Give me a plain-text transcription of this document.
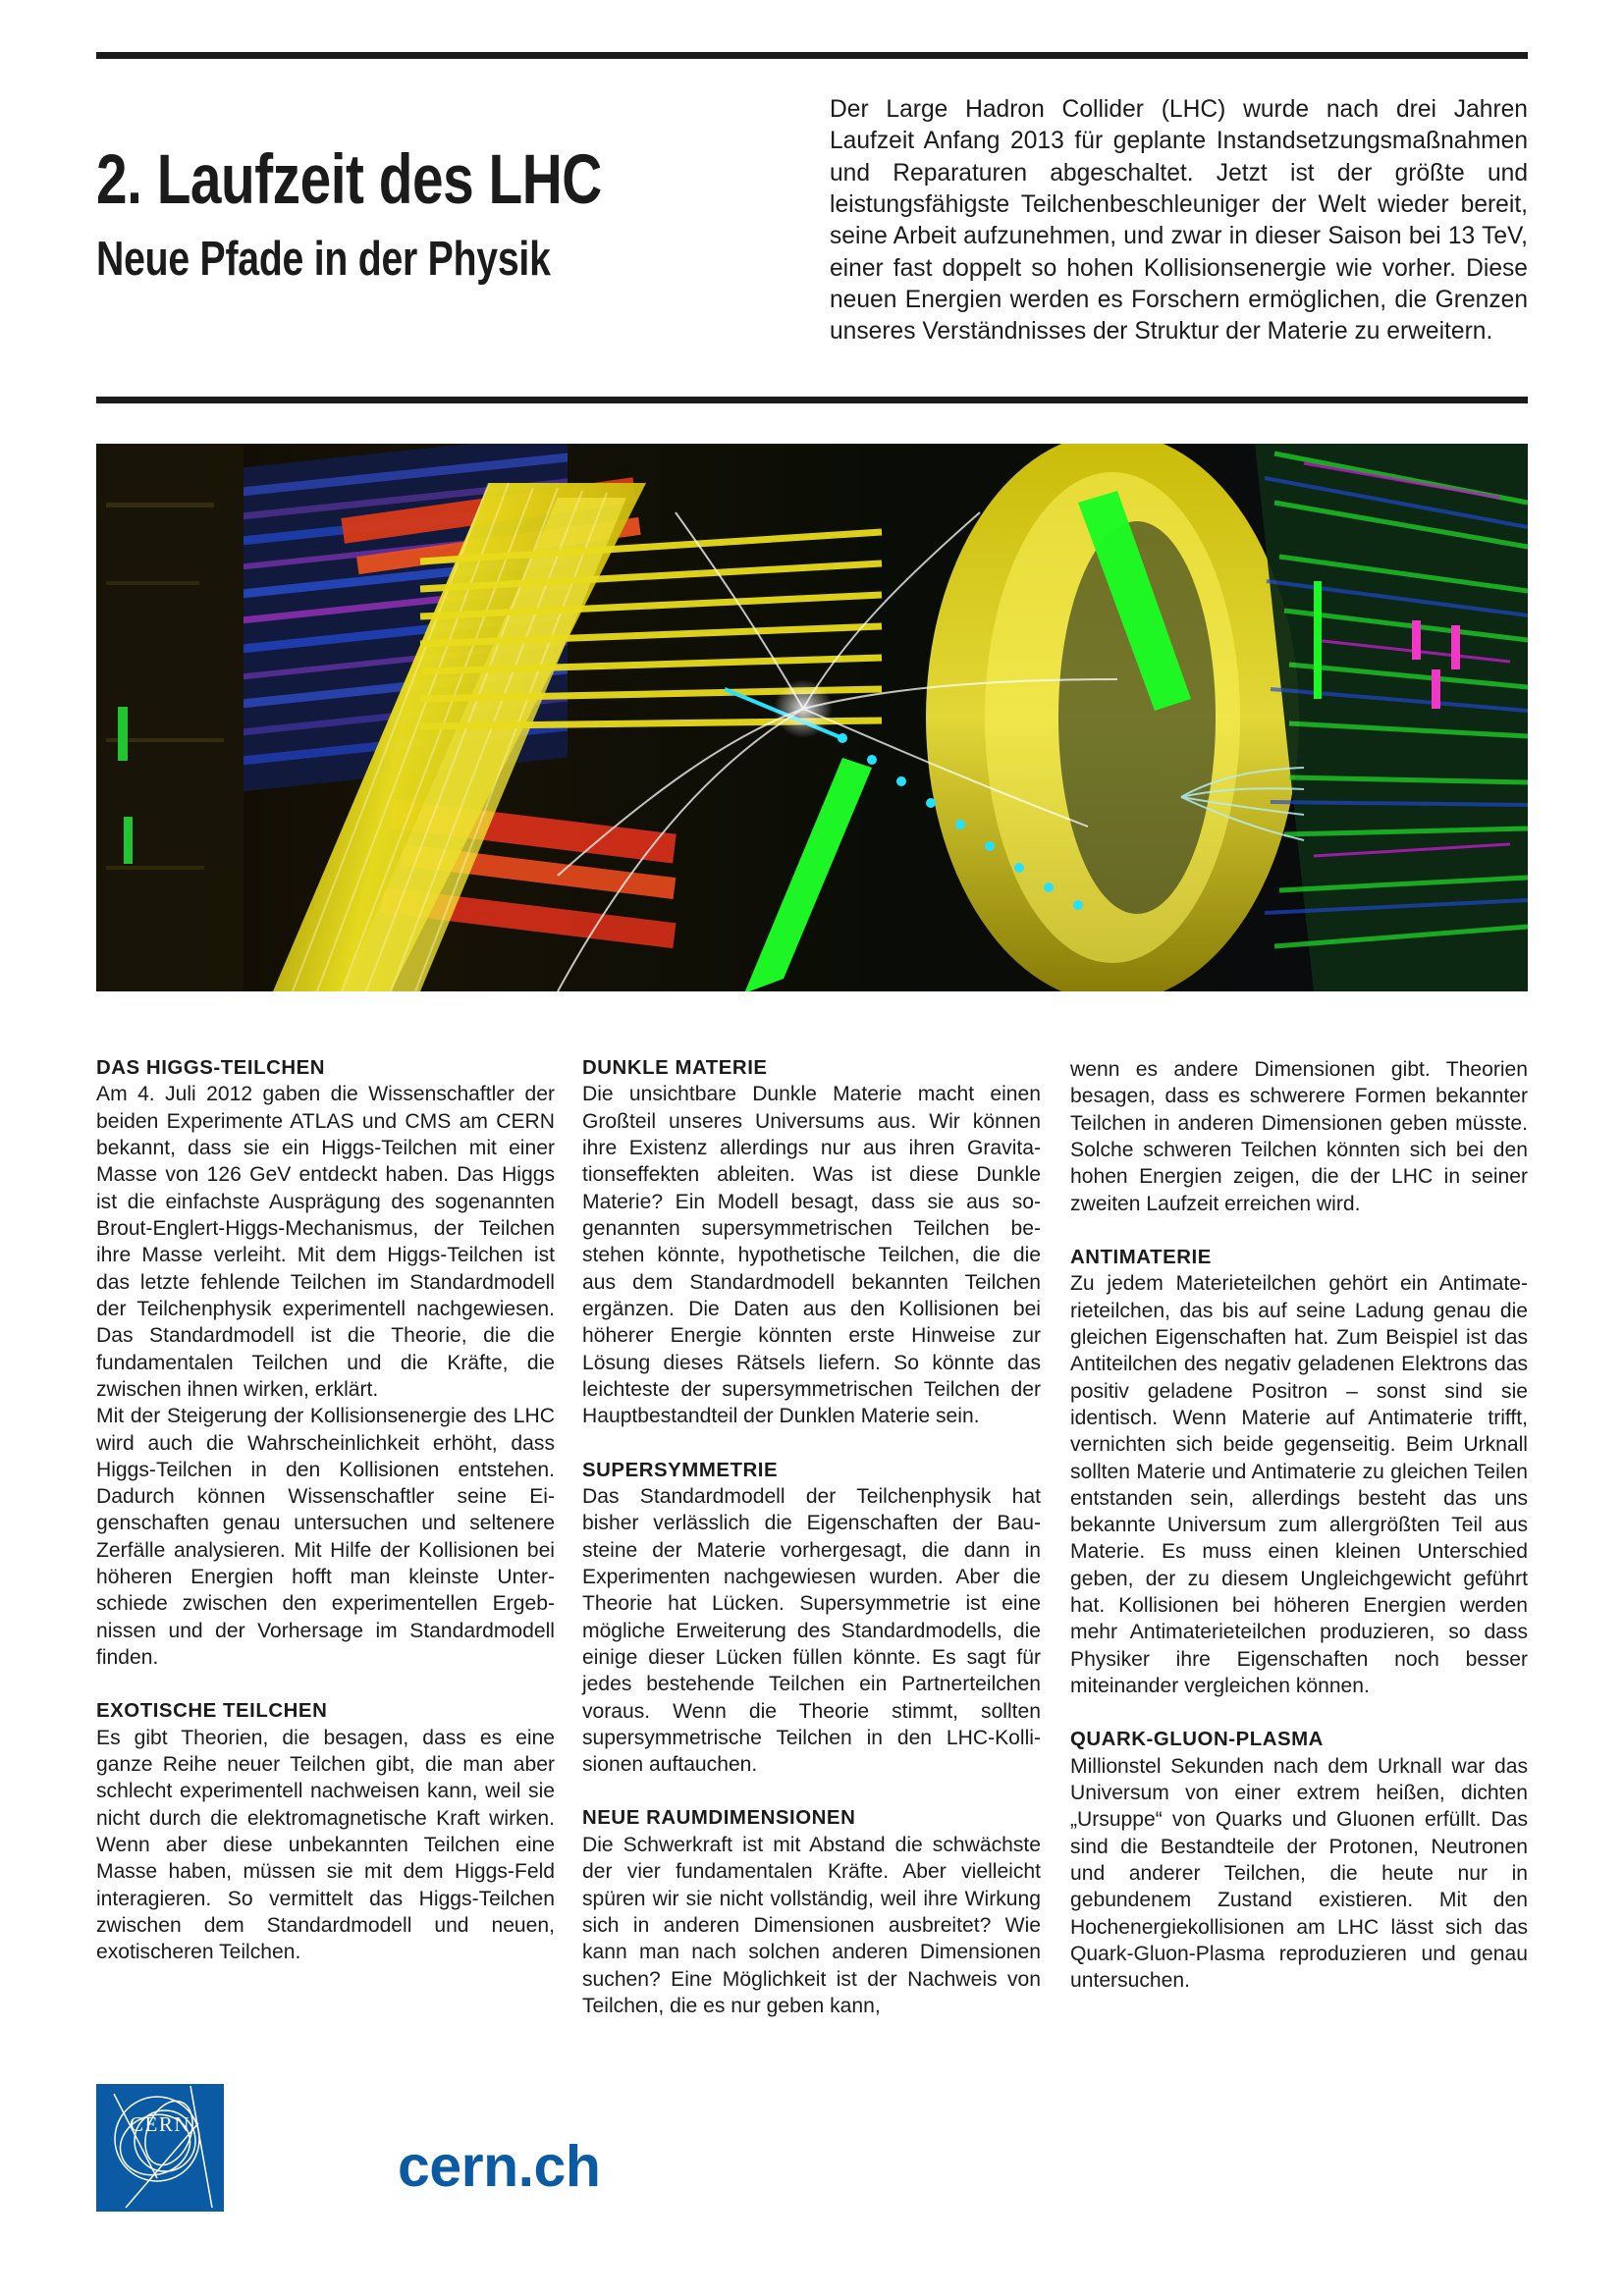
2. Laufzeit des LHC
Neue Pfade in der Physik
Der Large Hadron Collider (LHC) wurde nach drei Jahren Laufzeit Anfang 2013 für geplante Instandsetzungsmaßnahmen und Reparaturen abgeschaltet. Jetzt ist der größte und leistungsfähigste Teilchenbeschleuniger der Welt wieder bereit, seine Arbeit aufzunehmen, und zwar in dieser Saison bei 13 TeV, einer fast doppelt so hohen Kollisionsenergie wie vorher. Diese neuen Energien werden es Forschern ermöglichen, die Grenzen unseres Verständnisses der Struktur der Materie zu erweitern.
DAS HIGGS-TEILCHEN

Am 4. Juli 2012 gaben die Wissenschaftler der beiden Experimente ATLAS und CMS am CERN bekannt, dass sie ein Higgs-Teilchen mit einer Masse von 126 GeV entdeckt haben. Das Higgs ist die einfachste Ausprägung des sogenannten Brout-Englert-Higgs-Mechanismus, der Teilchen ihre Masse verleiht. Mit dem Higgs-Teilchen ist das letzte fehlende Teilchen im Standardmodell der Teilchenphysik experimentell nachgewiesen. Das Standardmodell ist die Theorie, die die fundamentalen Teilchen und die Kräfte, die zwischen ihnen wirken, erklärt.

Mit der Steigerung der Kollisionsenergie des LHC wird auch die Wahrscheinlichkeit erhöht, dass Higgs-Teilchen in den Kollisionen entstehen. Dadurch können Wissenschaftler seine Eigenschaften genau untersuchen und seltenere Zerfälle analysieren. Mit Hilfe der Kollisionen bei höheren Energien hofft man kleinste Unterschiede zwischen den experimentellen Ergebnissen und der Vorhersage im Standardmodell finden.

EXOTISCHE TEILCHEN

Es gibt Theorien, die besagen, dass es eine ganze Reihe neuer Teilchen gibt, die man aber schlecht experimentell nachweisen kann, weil sie nicht durch die elektromagnetische Kraft wirken. Wenn aber diese unbekannten Teilchen eine Masse haben, müssen sie mit dem Higgs-Feld interagieren. So vermittelt das Higgs-Teilchen zwischen dem Standardmodell und neuen, exotischeren Teilchen.

DUNKLE MATERIE

Die unsichtbare Dunkle Materie macht einen Großteil unseres Universums aus. Wir können ihre Existenz allerdings nur aus ihren Gravitationseffekten ableiten. Was ist diese Dunkle Materie? Ein Modell besagt, dass sie aus sogenannten supersymmetrischen Teilchen bestehen könnte, hypothetische Teilchen, die die aus dem Standardmodell bekannten Teilchen ergänzen. Die Daten aus den Kollisionen bei höherer Energie könnten erste Hinweise zur Lösung dieses Rätsels liefern. So könnte das leichteste der supersymmetrischen Teilchen der Hauptbestandteil der Dunklen Materie sein.

SUPERSYMMETRIE

Das Standardmodell der Teilchenphysik hat bisher verlässlich die Eigenschaften der Bausteine der Materie vorhergesagt, die dann in Experimenten nachgewiesen wurden. Aber die Theorie hat Lücken. Supersymmetrie ist eine mögliche Erweiterung des Standardmodells, die einige dieser Lücken füllen könnte. Es sagt für jedes bestehende Teilchen ein Partnerteilchen voraus. Wenn die Theorie stimmt, sollten supersymmetrische Teilchen in den LHC-Kollisionen auftauchen.

NEUE RAUMDIMENSIONEN

Die Schwerkraft ist mit Abstand die schwächste der vier fundamentalen Kräfte. Aber vielleicht spüren wir sie nicht vollständig, weil ihre Wirkung sich in anderen Dimensionen ausbreitet? Wie kann man nach solchen anderen Dimensionen suchen? Eine Möglichkeit ist der Nachweis von Teilchen, die es nur geben kann,

wenn es andere Dimensionen gibt. Theorien besagen, dass es schwerere Formen bekannter Teilchen in anderen Dimensionen geben müsste. Solche schweren Teilchen könnten sich bei den hohen Energien zeigen, die der LHC in seiner zweiten Laufzeit erreichen wird.

ANTIMATERIE

Zu jedem Materieteilchen gehört ein Antimaterieteilchen, das bis auf seine Ladung genau die gleichen Eigenschaften hat. Zum Beispiel ist das Antiteilchen des negativ geladenen Elektrons das positiv geladene Positron – sonst sind sie identisch. Wenn Materie auf Antimaterie trifft, vernichten sich beide gegenseitig. Beim Urknall sollten Materie und Antimaterie zu gleichen Teilen entstanden sein, allerdings besteht das uns bekannte Universum zum allergrößten Teil aus Materie. Es muss einen kleinen Unterschied geben, der zu diesem Ungleichgewicht geführt hat. Kollisionen bei höheren Energien werden mehr Antimaterieteilchen produzieren, so dass Physiker ihre Eigenschaften noch besser miteinander vergleichen können.

QUARK-GLUON-PLASMA

Millionstel Sekunden nach dem Urknall war das Universum von einer extrem heißen, dichten „Ursuppe“ von Quarks und Gluonen erfüllt. Das sind die Bestandteile der Protonen, Neutronen und anderer Teilchen, die heute nur in gebundenem Zustand existieren. Mit den Hochenergiekollisionen am LHC lässt sich das Quark-Gluon-Plasma reproduzieren und genau untersuchen.

CERN
cern.ch
